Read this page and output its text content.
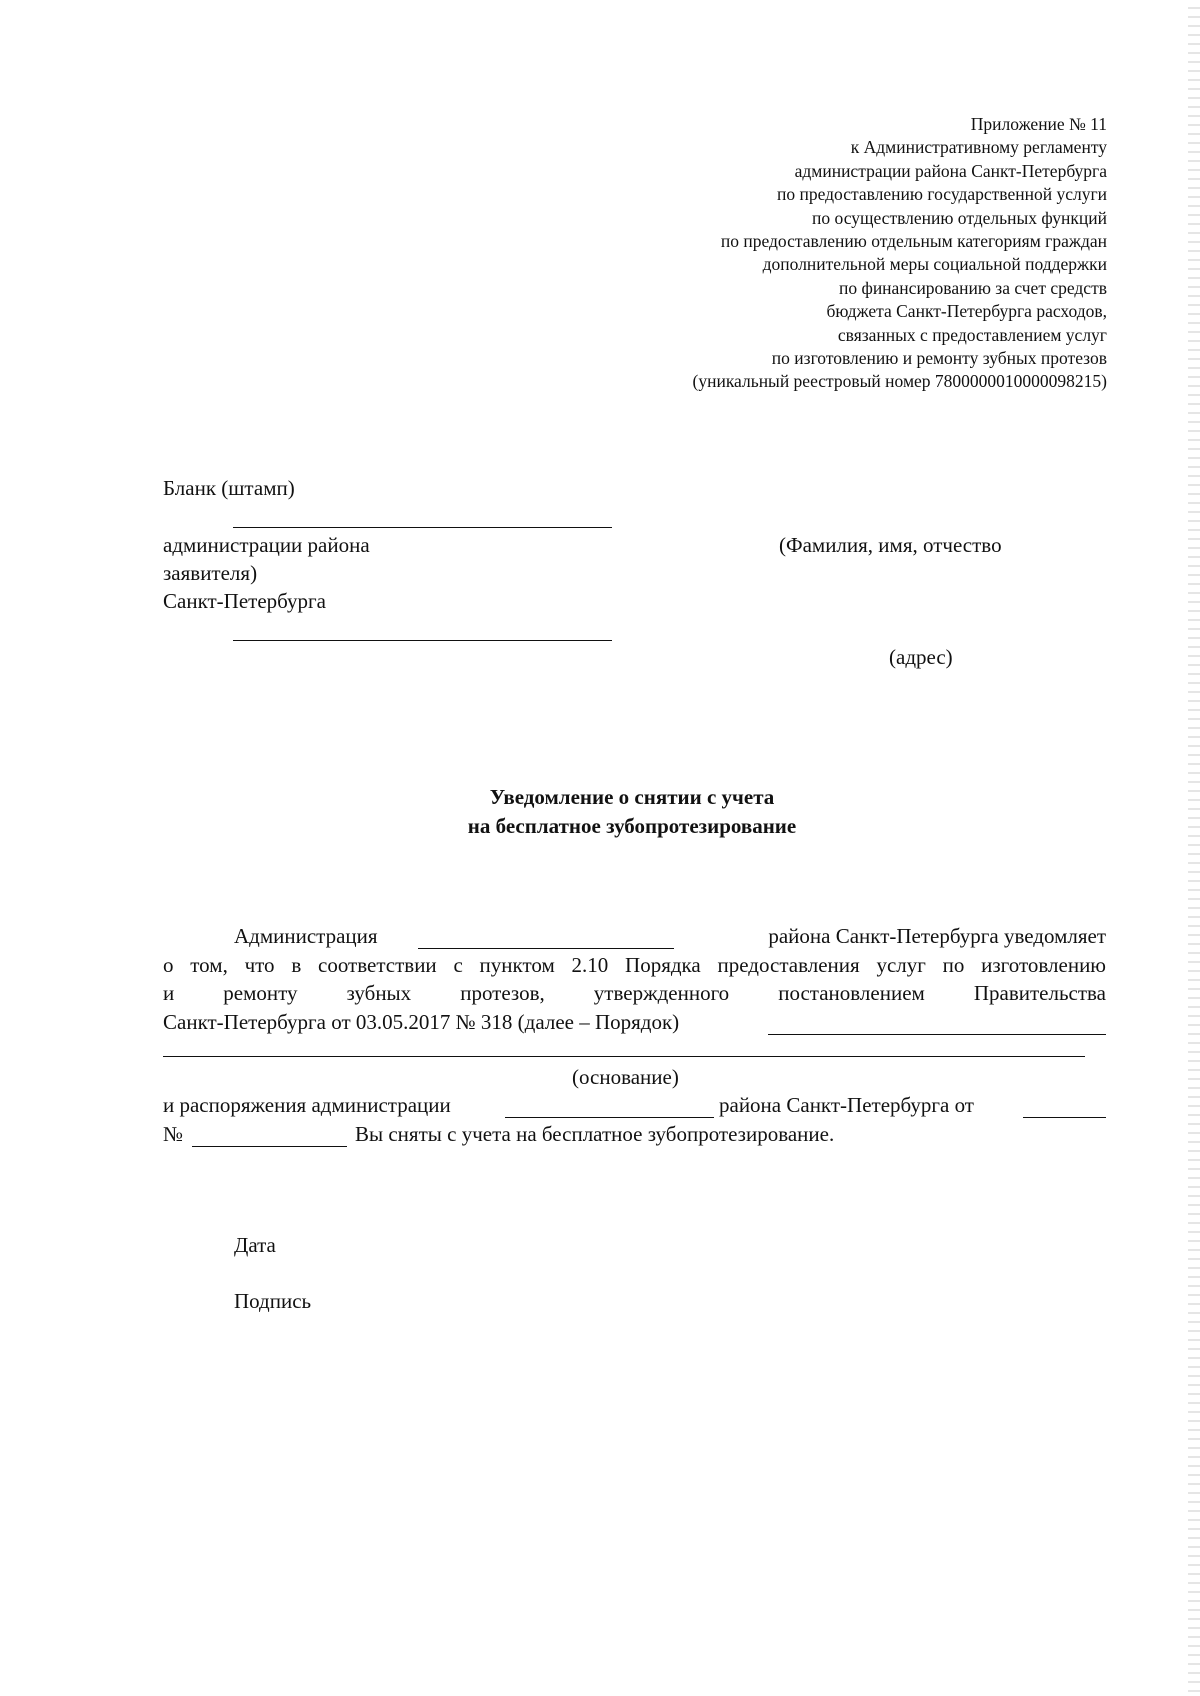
Приложение № 11
к Административному регламенту
администрации района Санкт-Петербурга
по предоставлению государственной услуги
по осуществлению отдельных функций
по предоставлению отдельным категориям граждан
дополнительной меры социальной поддержки
по финансированию за счет средств
бюджета Санкт-Петербурга расходов,
связанных с предоставлением услуг
по изготовлению и ремонту зубных протезов
(уникальный реестровый номер 7800000010000098215)
Бланк (штамп)
администрации района
заявителя)
Санкт-Петербурга
(Фамилия, имя, отчество
(адрес)
Уведомление о снятии с учета
на бесплатное зубопротезирование
Администрация	района Санкт-Петербурга уведомляет
о том, что в соответствии с пунктом 2.10 Порядка предоставления услуг по изготовлению
и ремонту зубных протезов, утвержденного постановлением Правительства
Санкт-Петербурга от 03.05.2017 № 318 (далее – Порядок)
(основание)
и распоряжения администрации	района Санкт-Петербурга от
№	Вы сняты с учета на бесплатное зубопротезирование.
Дата
Подпись
